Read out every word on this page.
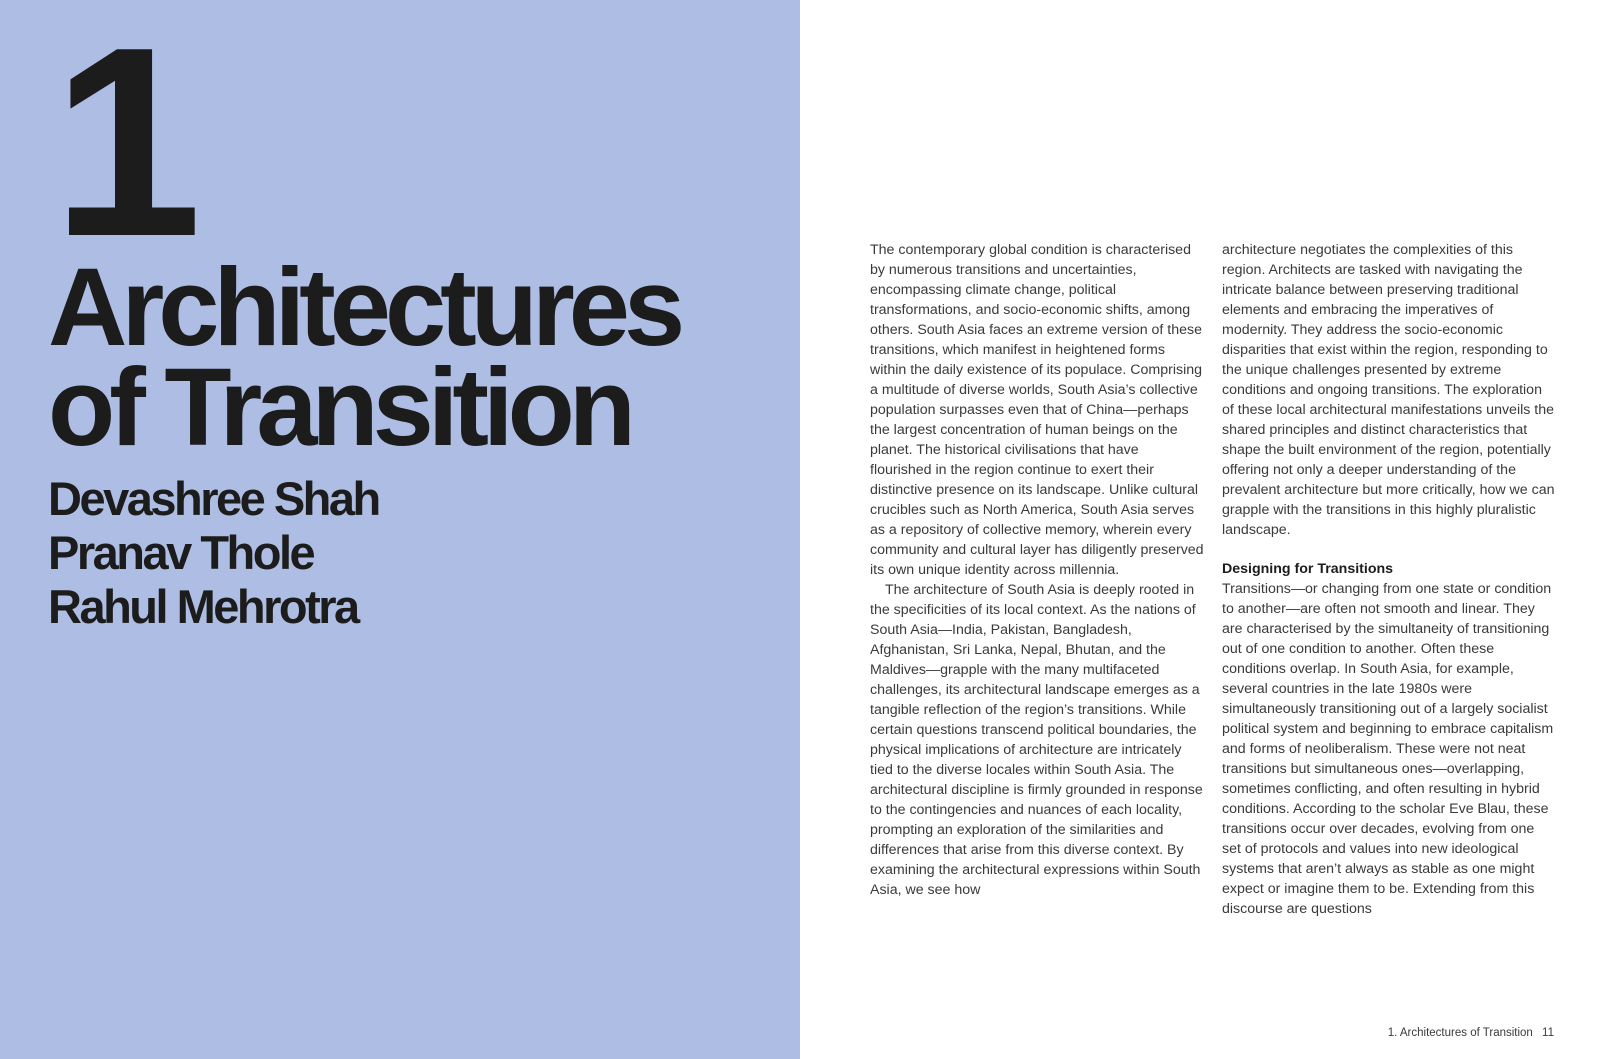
1
Architectures
of Transition
Devashree Shah
Pranav Thole
Rahul Mehrotra

The contemporary global condition is characterised by numerous transitions and uncertainties, encompassing climate change, political transformations, and socio-economic shifts, among others. South Asia faces an extreme version of these transitions, which manifest in heightened forms within the daily existence of its populace. Comprising a multitude of diverse worlds, South Asia’s collective population surpasses even that of China—perhaps the largest concentration of human beings on the planet. The historical civilisations that have flourished in the region continue to exert their distinctive presence on its landscape. Unlike cultural crucibles such as North America, South Asia serves as a repository of collective memory, wherein every community and cultural layer has diligently preserved its own unique identity across millennia.

The architecture of South Asia is deeply rooted in the specificities of its local context. As the nations of South Asia—India, Pakistan, Bangladesh, Afghanistan, Sri Lanka, Nepal, Bhutan, and the Maldives—grapple with the many multifaceted challenges, its architectural landscape emerges as a tangible reflection of the region’s transitions. While certain questions transcend political boundaries, the physical implications of architecture are intricately tied to the diverse locales within South Asia. The architectural discipline is firmly grounded in response to the contingencies and nuances of each locality, prompting an exploration of the similarities and differences that arise from this diverse context. By examining the architectural expressions within South Asia, we see how

architecture negotiates the complexities of this region. Architects are tasked with navigating the intricate balance between preserving traditional elements and embracing the imperatives of modernity. They address the socio-economic disparities that exist within the region, responding to the unique challenges presented by extreme conditions and ongoing transitions. The exploration of these local architectural manifestations unveils the shared principles and distinct characteristics that shape the built environment of the region, potentially offering not only a deeper understanding of the prevalent architecture but more critically, how we can grapple with the transitions in this highly pluralistic landscape.

Designing for Transitions

Transitions—or changing from one state or condition to another—are often not smooth and linear. They are characterised by the simultaneity of transitioning out of one condition to another. Often these conditions overlap. In South Asia, for example, several countries in the late 1980s were simultaneously transitioning out of a largely socialist political system and beginning to embrace capitalism and forms of neoliberalism. These were not neat transitions but simultaneous ones—overlapping, sometimes conflicting, and often resulting in hybrid conditions. According to the scholar Eve Blau, these transitions occur over decades, evolving from one set of protocols and values into new ideological systems that aren’t always as stable as one might expect or imagine them to be. Extending from this discourse are questions

1. Architectures of Transition 11
